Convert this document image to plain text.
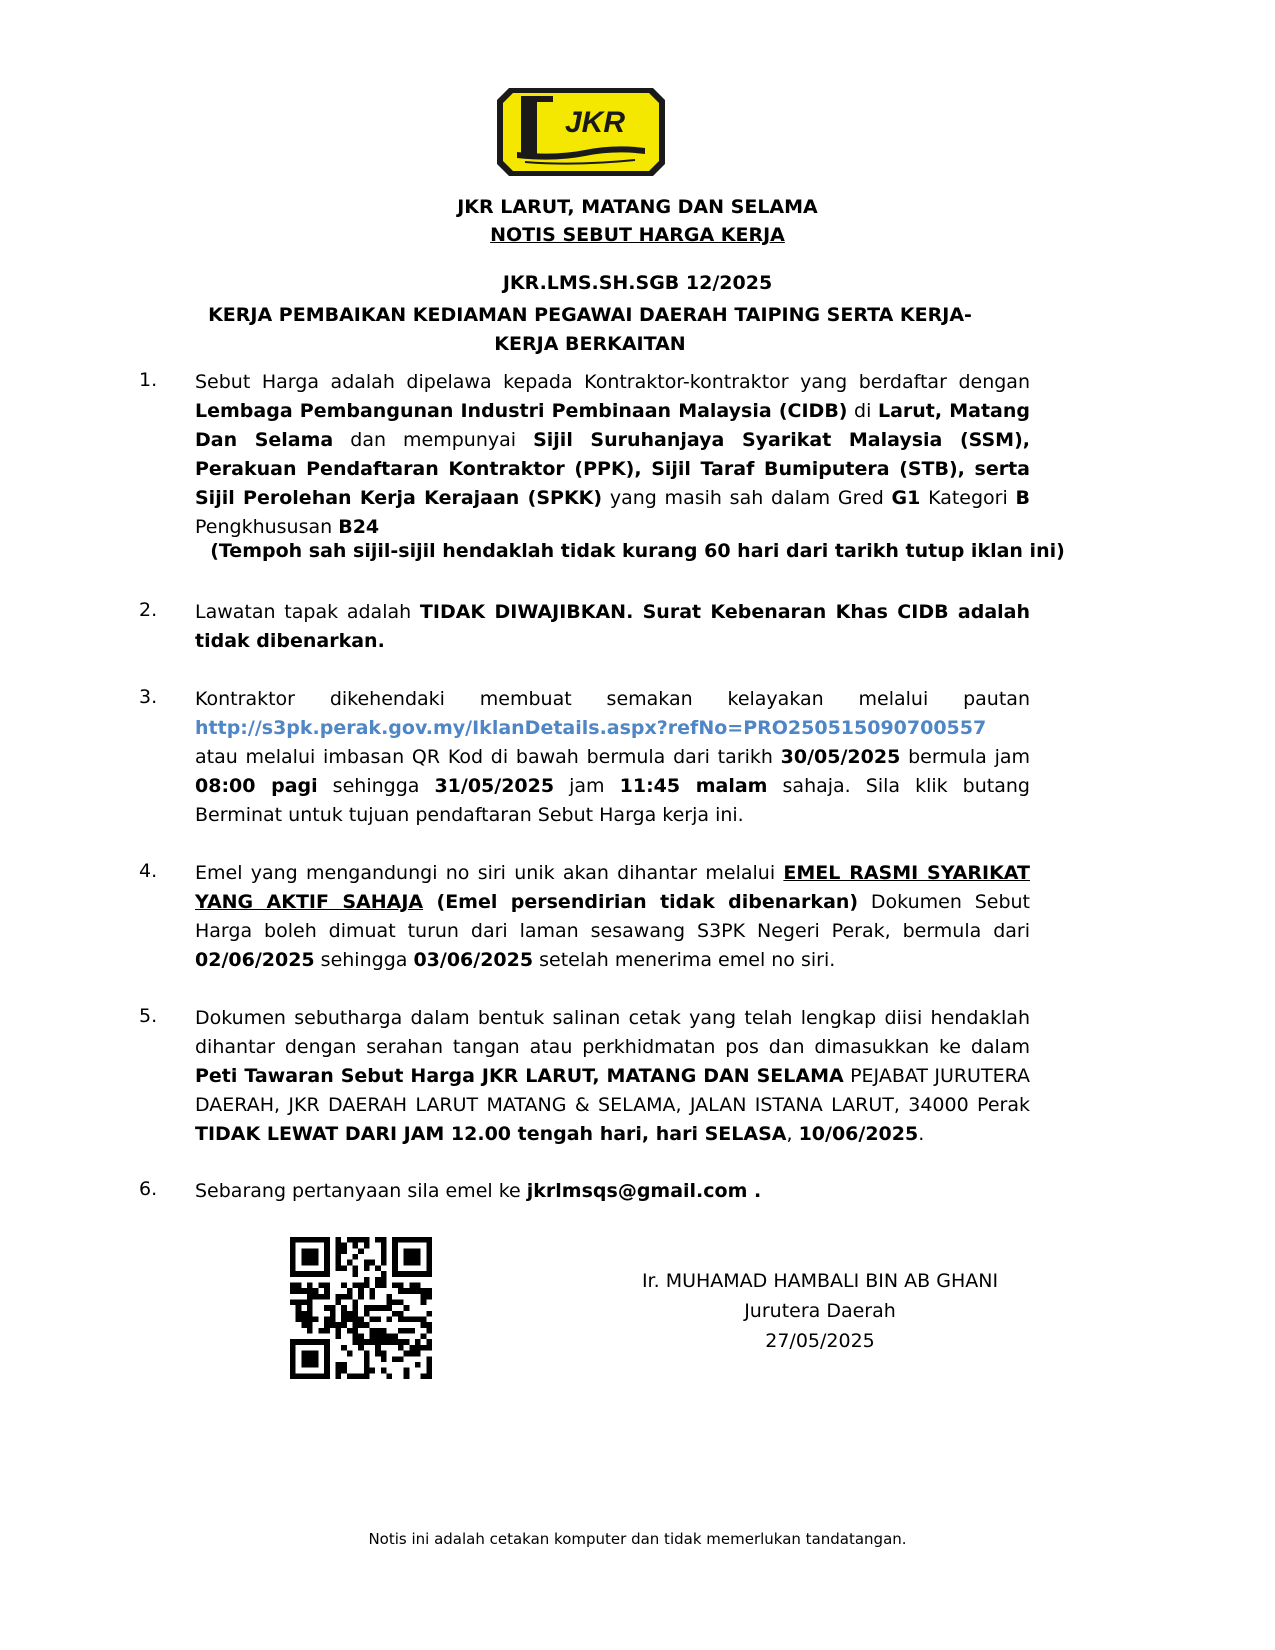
JKR
JKR LARUT, MATANG DAN SELAMA
NOTIS SEBUT HARGA KERJA
JKR.LMS.SH.SGB 12/2025
KERJA PEMBAIKAN KEDIAMAN PEGAWAI DAERAH TAIPING SERTA KERJA-KERJA BERKAITAN
1. Sebut Harga adalah dipelawa kepada Kontraktor-kontraktor yang berdaftar dengan Lembaga Pembangunan Industri Pembinaan Malaysia (CIDB) di Larut, Matang Dan Selama dan mempunyai Sijil Suruhanjaya Syarikat Malaysia (SSM), Perakuan Pendaftaran Kontraktor (PPK), Sijil Taraf Bumiputera (STB), serta Sijil Perolehan Kerja Kerajaan (SPKK) yang masih sah dalam Gred G1 Kategori B Pengkhususan B24
(Tempoh sah sijil-sijil hendaklah tidak kurang 60 hari dari tarikh tutup iklan ini)
2. Lawatan tapak adalah TIDAK DIWAJIBKAN. Surat Kebenaran Khas CIDB adalah tidak dibenarkan.
3. Kontraktor dikehendaki membuat semakan kelayakan melalui pautan http://s3pk.perak.gov.my/IklanDetails.aspx?refNo=PRO250515090700557 atau melalui imbasan QR Kod di bawah bermula dari tarikh 30/05/2025 bermula jam 08:00 pagi sehingga 31/05/2025 jam 11:45 malam sahaja. Sila klik butang Berminat untuk tujuan pendaftaran Sebut Harga kerja ini.
4. Emel yang mengandungi no siri unik akan dihantar melalui EMEL RASMI SYARIKAT YANG AKTIF SAHAJA (Emel persendirian tidak dibenarkan) Dokumen Sebut Harga boleh dimuat turun dari laman sesawang S3PK Negeri Perak, bermula dari 02/06/2025 sehingga 03/06/2025 setelah menerima emel no siri.
5. Dokumen sebutharga dalam bentuk salinan cetak yang telah lengkap diisi hendaklah dihantar dengan serahan tangan atau perkhidmatan pos dan dimasukkan ke dalam Peti Tawaran Sebut Harga JKR LARUT, MATANG DAN SELAMA PEJABAT JURUTERA DAERAH, JKR DAERAH LARUT MATANG & SELAMA, JALAN ISTANA LARUT, 34000 Perak TIDAK LEWAT DARI JAM 12.00 tengah hari, hari SELASA, 10/06/2025.
6. Sebarang pertanyaan sila emel ke jkrlmsqs@gmail.com .
Ir. MUHAMAD HAMBALI BIN AB GHANI
Jurutera Daerah
27/05/2025
Notis ini adalah cetakan komputer dan tidak memerlukan tandatangan.
